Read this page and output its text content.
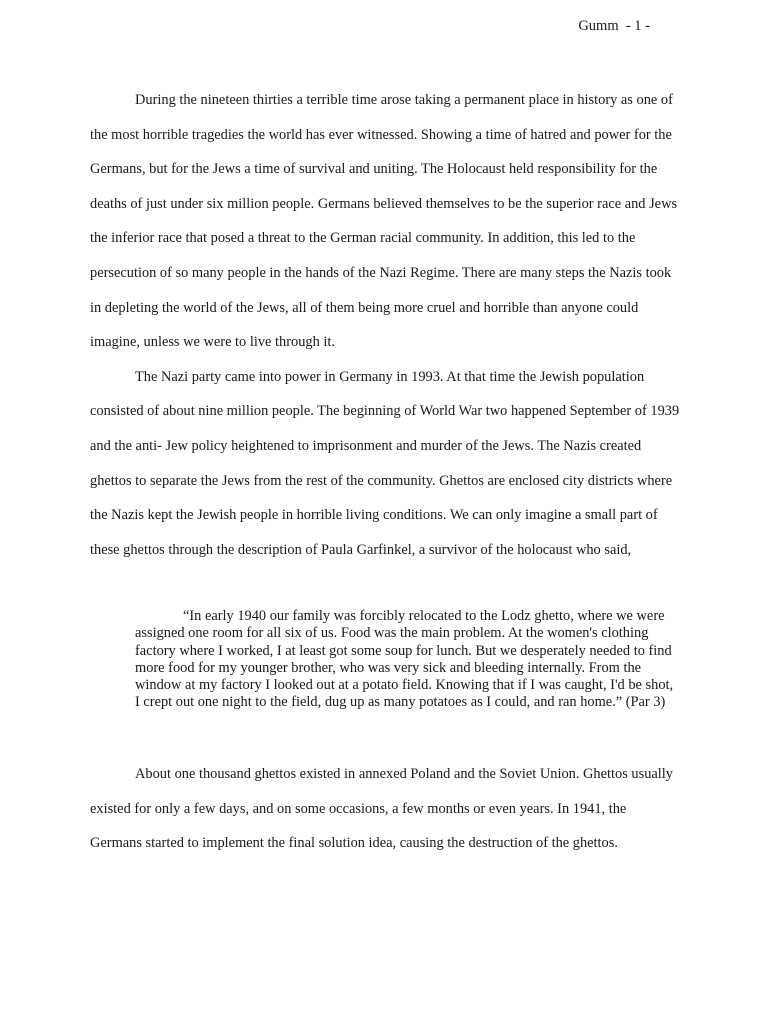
Gumm  - 1 -

During the nineteen thirties a terrible time arose taking a permanent place in history as one of the most horrible tragedies the world has ever witnessed. Showing a time of hatred and power for the Germans, but for the Jews a time of survival and uniting. The Holocaust held responsibility for the deaths of just under six million people. Germans believed themselves to be the superior race and Jews the inferior race that posed a threat to the German racial community. In addition, this led to the persecution of so many people in the hands of the Nazi Regime. There are many steps the Nazis took in depleting the world of the Jews, all of them being more cruel and horrible than anyone could imagine, unless we were to live through it.

The Nazi party came into power in Germany in 1993. At that time the Jewish population consisted of about nine million people. The beginning of World War two happened September of 1939 and the anti- Jew policy heightened to imprisonment and murder of the Jews. The Nazis created ghettos to separate the Jews from the rest of the community. Ghettos are enclosed city districts where the Nazis kept the Jewish people in horrible living conditions. We can only imagine a small part of these ghettos through the description of Paula Garfinkel, a survivor of the holocaust who said,

“In early 1940 our family was forcibly relocated to the Lodz ghetto, where we were assigned one room for all six of us. Food was the main problem. At the women's clothing factory where I worked, I at least got some soup for lunch. But we desperately needed to find more food for my younger brother, who was very sick and bleeding internally. From the window at my factory I looked out at a potato field. Knowing that if I was caught, I'd be shot, I crept out one night to the field, dug up as many potatoes as I could, and ran home.” (Par 3)

About one thousand ghettos existed in annexed Poland and the Soviet Union. Ghettos usually existed for only a few days, and on some occasions, a few months or even years. In 1941, the Germans started to implement the final solution idea, causing the destruction of the ghettos.
